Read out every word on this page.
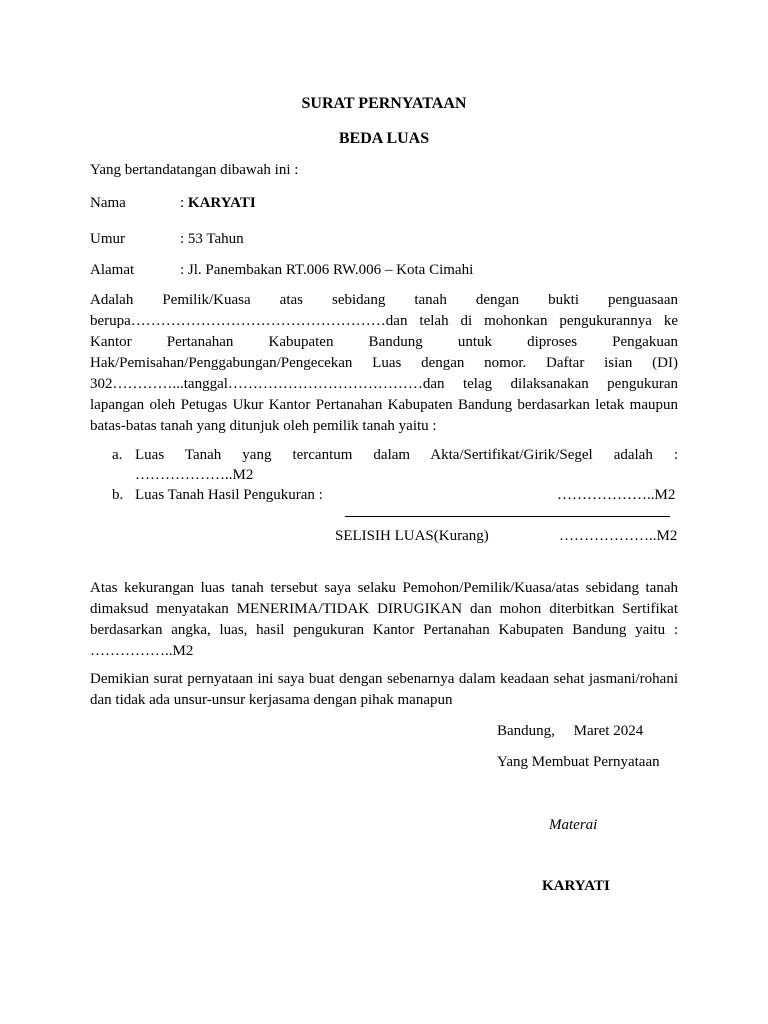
SURAT PERNYATAAN
BEDA LUAS
Yang bertandatangan dibawah ini :
Nama	: KARYATI
Umur	: 53 Tahun
Alamat	: Jl. Panembakan RT.006 RW.006 – Kota Cimahi
Adalah Pemilik/Kuasa atas sebidang tanah dengan bukti penguasaan berupa……………………………………………dan telah di mohonkan pengukurannya ke Kantor Pertanahan Kabupaten Bandung untuk diproses Pengakuan Hak/Pemisahan/Penggabungan/Pengecekan Luas dengan nomor. Daftar isian (DI) 302…………...tanggal…………………………………dan telag dilaksanakan pengukuran lapangan oleh Petugas Ukur Kantor Pertanahan Kabupaten Bandung berdasarkan letak maupun batas-batas tanah yang ditunjuk oleh pemilik tanah yaitu :
a. Luas Tanah yang tercantum dalam Akta/Sertifikat/Girik/Segel adalah :
………………..M2
b. Luas Tanah Hasil Pengukuran :	………………..M2
SELISIH LUAS(Kurang)	………………..M2
Atas kekurangan luas tanah tersebut saya selaku Pemohon/Pemilik/Kuasa/atas sebidang tanah dimaksud menyatakan MENERIMA/TIDAK DIRUGIKAN dan mohon diterbitkan Sertifikat berdasarkan angka, luas, hasil pengukuran Kantor Pertanahan Kabupaten Bandung yaitu : ……………..M2
Demikian surat pernyataan ini saya buat dengan sebenarnya dalam keadaan sehat jasmani/rohani dan tidak ada unsur-unsur kerjasama dengan pihak manapun
Bandung,     Maret 2024
Yang Membuat Pernyataan
Materai
KARYATI
